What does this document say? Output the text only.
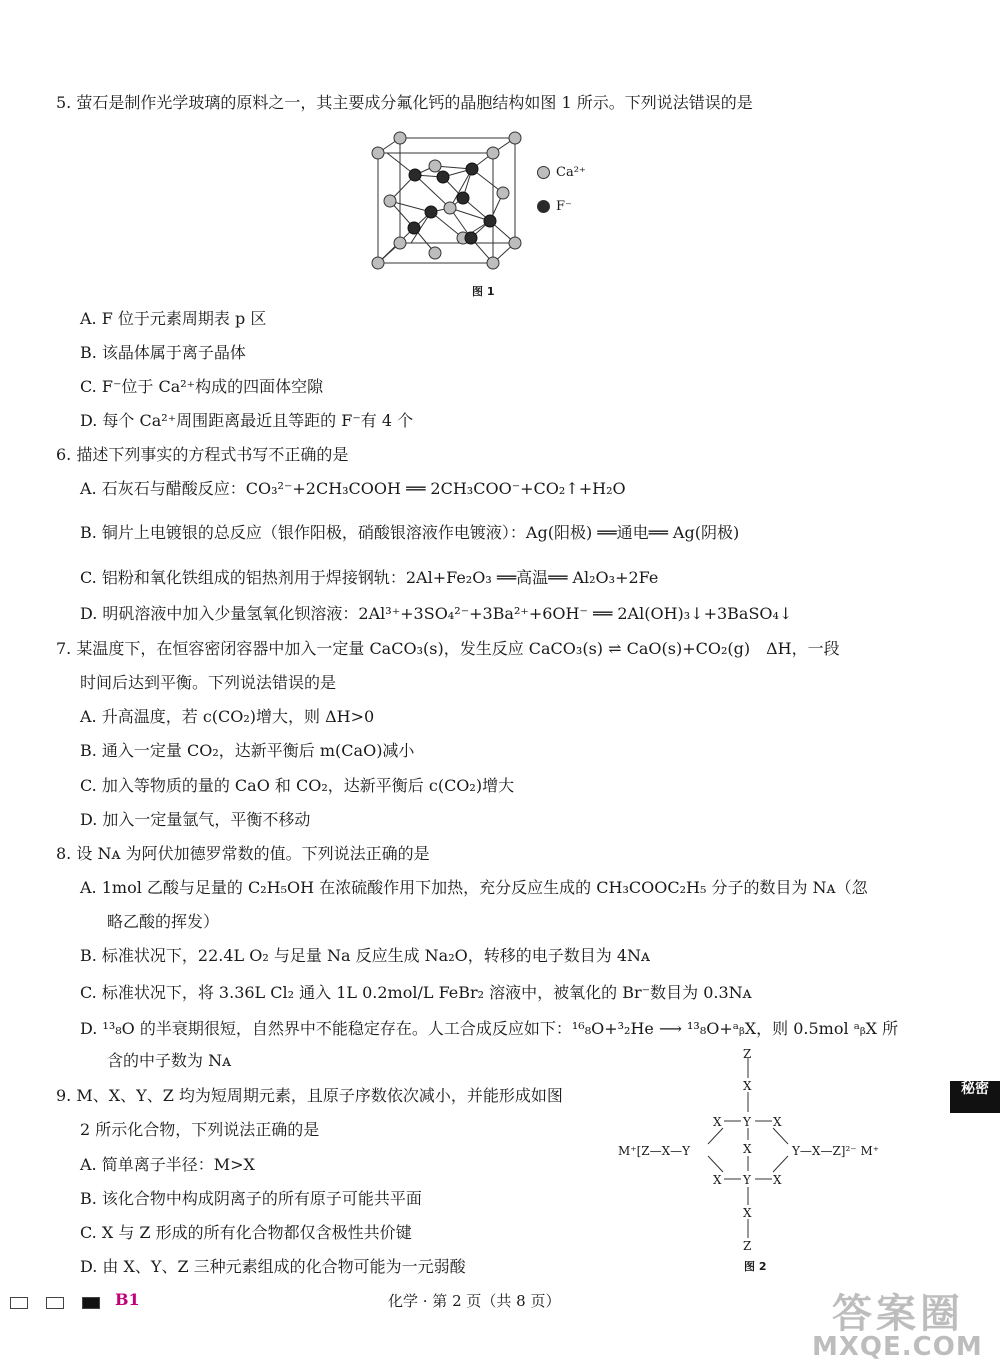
5. 萤石是制作光学玻璃的原料之一，其主要成分氟化钙的晶胞结构如图 1 所示。下列说法错误的是
Ca²⁺
F⁻
图 1
A. F 位于元素周期表 p 区
B. 该晶体属于离子晶体
C. F⁻位于 Ca²⁺构成的四面体空隙
D. 每个 Ca²⁺周围距离最近且等距的 F⁻有 4 个
6. 描述下列事实的方程式书写不正确的是
A. 石灰石与醋酸反应：CO₃²⁻+2CH₃COOH ══ 2CH₃COO⁻+CO₂↑+H₂O
B. 铜片上电镀银的总反应（银作阳极，硝酸银溶液作电镀液）：Ag(阳极) ══通电══ Ag(阴极)
C. 铝粉和氧化铁组成的铝热剂用于焊接钢轨：2Al+Fe₂O₃ ══高温══ Al₂O₃+2Fe
D. 明矾溶液中加入少量氢氧化钡溶液：2Al³⁺+3SO₄²⁻+3Ba²⁺+6OH⁻ ══ 2Al(OH)₃↓+3BaSO₄↓
7. 某温度下，在恒容密闭容器中加入一定量 CaCO₃(s)，发生反应 CaCO₃(s) ⇌ CaO(s)+CO₂(g)　ΔH，一段
时间后达到平衡。下列说法错误的是
A. 升高温度，若 c(CO₂)增大，则 ΔH>0
B. 通入一定量 CO₂，达新平衡后 m(CaO)减小
C. 加入等物质的量的 CaO 和 CO₂，达新平衡后 c(CO₂)增大
D. 加入一定量氩气，平衡不移动
8. 设 Nᴀ 为阿伏加德罗常数的值。下列说法正确的是
A. 1mol 乙酸与足量的 C₂H₅OH 在浓硫酸作用下加热，充分反应生成的 CH₃COOC₂H₅ 分子的数目为 Nᴀ（忽
略乙酸的挥发）
B. 标准状况下，22.4L O₂ 与足量 Na 反应生成 Na₂O，转移的电子数目为 4Nᴀ
C. 标准状况下，将 3.36L Cl₂ 通入 1L 0.2mol/L FeBr₂ 溶液中，被氧化的 Br⁻数目为 0.3Nᴀ
D. ¹³₈O 的半衰期很短，自然界中不能稳定存在。人工合成反应如下：¹⁶₈O+³₂He ⟶ ¹³₈O+ᵃᵦX，则 0.5mol ᵃᵦX 所
含的中子数为 Nᴀ
9. M、X、Y、Z 均为短周期元素，且原子序数依次减小，并能形成如图
2 所示化合物，下列说法正确的是
A. 简单离子半径：M>X
B. 该化合物中构成阴离子的所有原子可能共平面
C. X 与 Z 形成的所有化合物都仅含极性共价键
D. 由 X、Y、Z 三种元素组成的化合物可能为一元弱酸
Z
X
X Y X
M⁺[Z—X—Y	X	Y—X—Z]²⁻ M⁺
X Y X
X
Z
图 2
秘密
B1	化学 · 第 2 页（共 8 页）	答案圈
MXQE.COM
